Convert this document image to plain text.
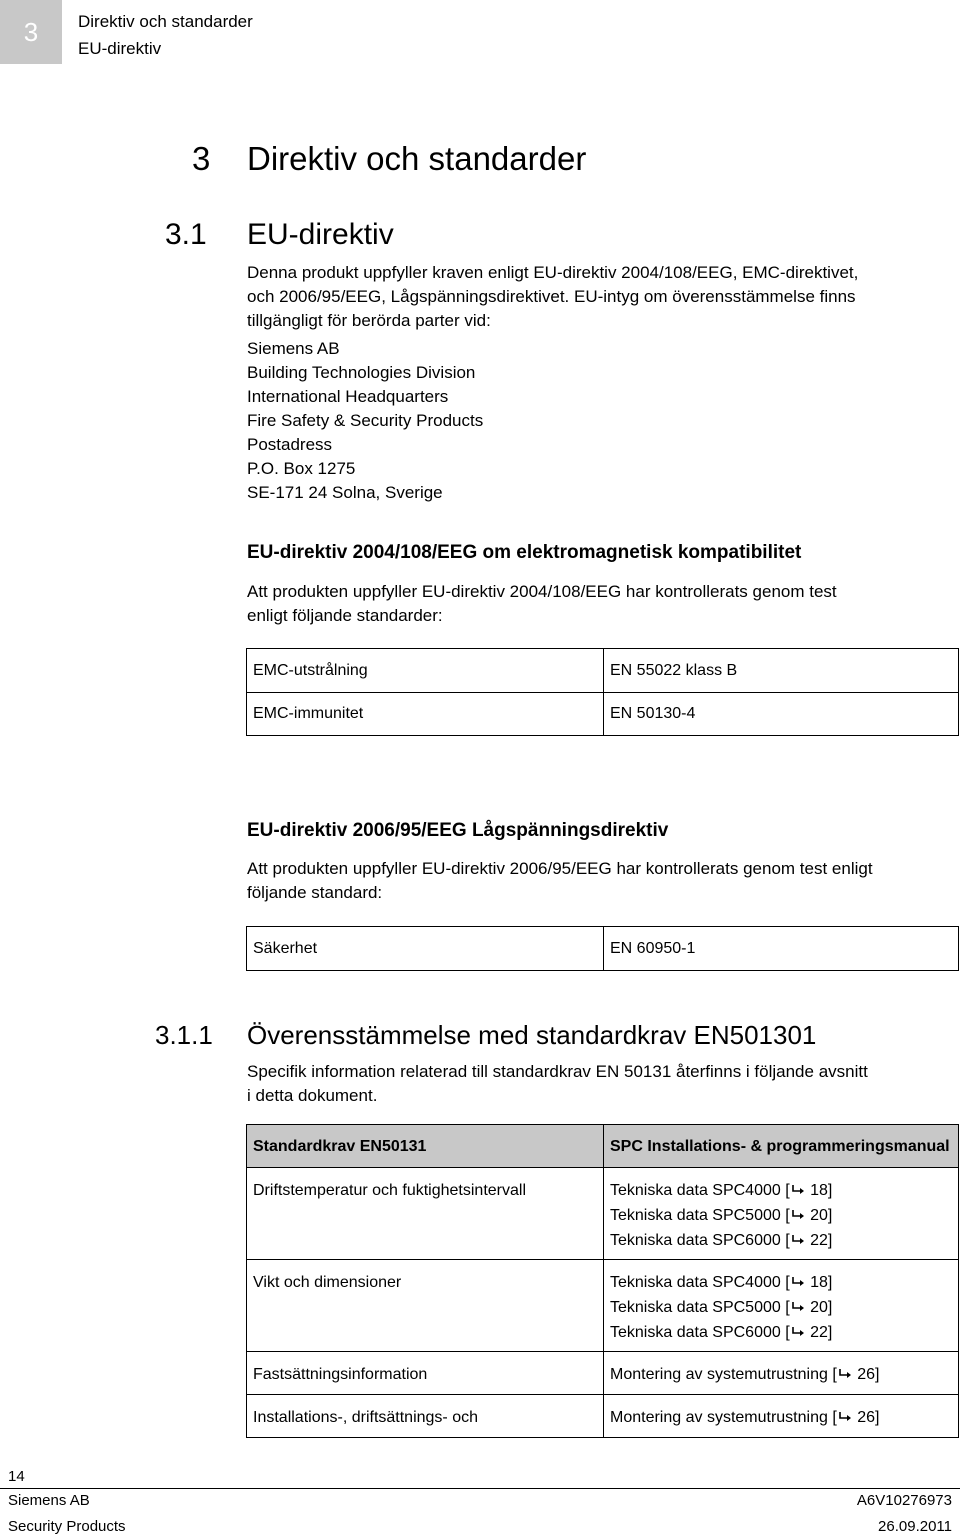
3 Direktiv och standarder
EU-direktiv
3 Direktiv och standarder
3.1 EU-direktiv
Denna produkt uppfyller kraven enligt EU-direktiv 2004/108/EEG, EMC-direktivet,
och 2006/95/EEG, Lågspänningsdirektivet. EU-intyg om överensstämmelse finns
tillgängligt för berörda parter vid:
Siemens AB
Building Technologies Division
International Headquarters
Fire Safety & Security Products
Postadress
P.O. Box 1275
SE-171 24 Solna, Sverige
EU-direktiv 2004/108/EEG om elektromagnetisk kompatibilitet
Att produkten uppfyller EU-direktiv 2004/108/EEG har kontrollerats genom test
enligt följande standarder:
EMC-utstrålning	EN 55022 klass B
EMC-immunitet	EN 50130-4
EU-direktiv 2006/95/EEG Lågspänningsdirektiv
Att produkten uppfyller EU-direktiv 2006/95/EEG har kontrollerats genom test enligt
följande standard:
Säkerhet	EN 60950-1
3.1.1 Överensstämmelse med standardkrav EN501301
Specifik information relaterad till standardkrav EN 50131 återfinns i följande avsnitt
i detta dokument.
Standardkrav EN50131	SPC Installations- & programmeringsmanual
Driftstemperatur och fuktighetsintervall	Tekniska data SPC4000 [ 18]
Tekniska data SPC5000 [ 20]
Tekniska data SPC6000 [ 22]

Vikt och dimensioner	Tekniska data SPC4000 [ 18]
Tekniska data SPC5000 [ 20]
Tekniska data SPC6000 [ 22]

Fastsättningsinformation	Montering av systemutrustning [ 26]

Installations-, driftsättnings- och	Montering av systemutrustning [ 26]
14
Siemens AB	A6V10276973
Security Products	26.09.2011
